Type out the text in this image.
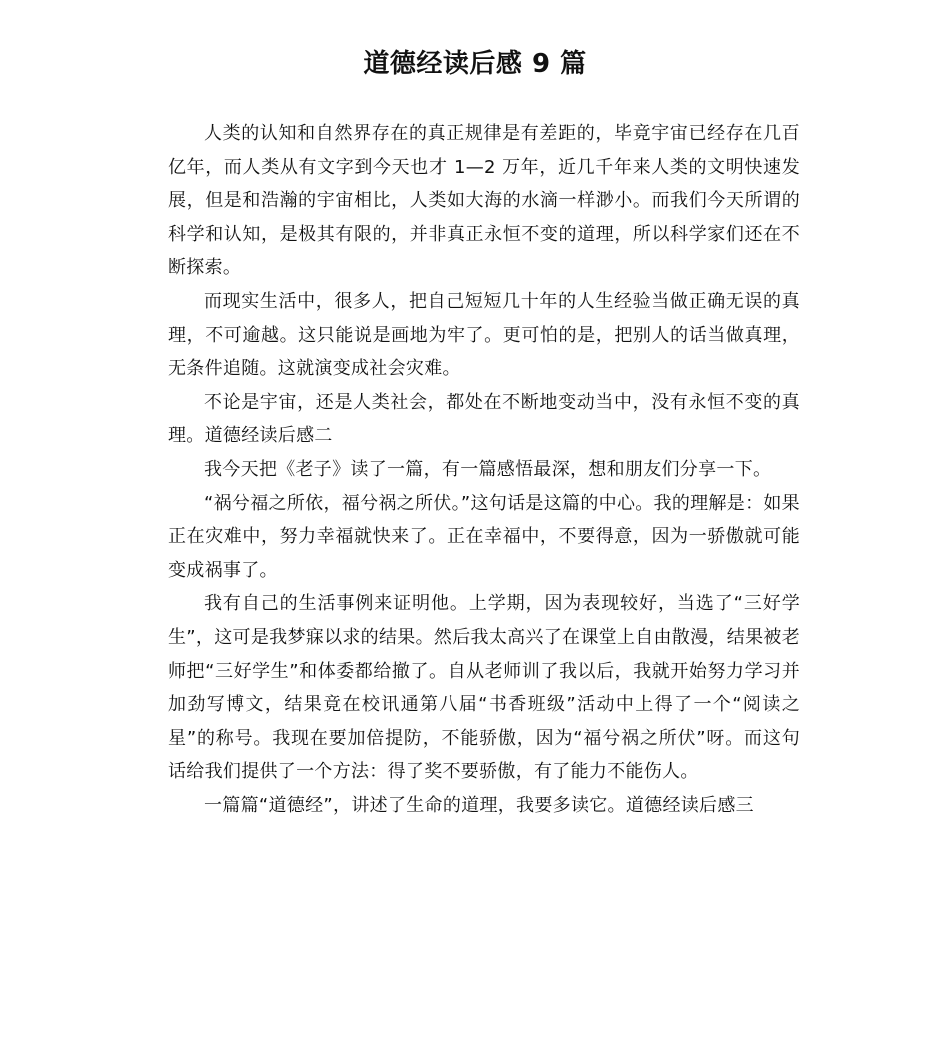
道德经读后感 9 篇

人类的认知和自然界存在的真正规律是有差距的，毕竟宇宙已经存在几百亿年，而人类从有文字到今天也才 1—2 万年，近几千年来人类的文明快速发展，但是和浩瀚的宇宙相比，人类如大海的水滴一样渺小。而我们今天所谓的科学和认知，是极其有限的，并非真正永恒不变的道理，所以科学家们还在不断探索。

而现实生活中，很多人，把自己短短几十年的人生经验当做正确无误的真理，不可逾越。这只能说是画地为牢了。更可怕的是，把别人的话当做真理，无条件追随。这就演变成社会灾难。

不论是宇宙，还是人类社会，都处在不断地变动当中，没有永恒不变的真理。道德经读后感二

我今天把《老子》读了一篇，有一篇感悟最深，想和朋友们分享一下。

“祸兮福之所依，福兮祸之所伏。”这句话是这篇的中心。我的理解是：如果正在灾难中，努力幸福就快来了。正在幸福中，不要得意，因为一骄傲就可能变成祸事了。

我有自己的生活事例来证明他。上学期，因为表现较好，当选了“三好学生”，这可是我梦寐以求的结果。然后我太高兴了在课堂上自由散漫，结果被老师把“三好学生”和体委都给撤了。自从老师训了我以后，我就开始努力学习并加劲写博文，结果竟在校讯通第八届“书香班级”活动中上得了一个“阅读之星”的称号。我现在要加倍提防，不能骄傲，因为“福兮祸之所伏”呀。而这句话给我们提供了一个方法：得了奖不要骄傲，有了能力不能伤人。

一篇篇“道德经”，讲述了生命的道理，我要多读它。道德经读后感三
